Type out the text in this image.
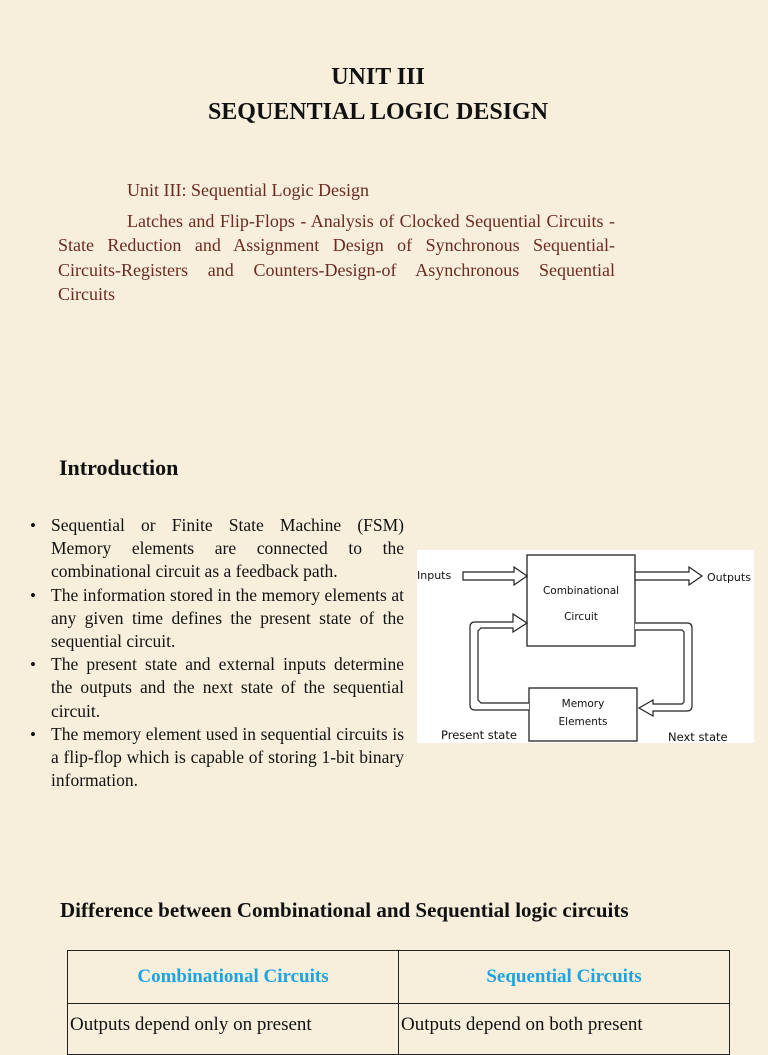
UNIT III
SEQUENTIAL LOGIC DESIGN

Unit III: Sequential Logic Design

Latches and Flip-Flops - Analysis of Clocked Sequential Circuits - State Reduction and Assignment Design of Synchronous Sequential-Circuits-Registers and Counters-Design-of Asynchronous Sequential Circuits

Introduction
• Sequential or Finite State Machine (FSM) Memory elements are connected to the combinational circuit as a feedback path.
• The information stored in the memory elements at any given time defines the present state of the sequential circuit.
• The present state and external inputs determine the outputs and the next state of the sequential circuit.
• The memory element used in sequential circuits is a flip-flop which is capable of storing 1-bit binary information.
Inputs	Outputs
Combinational
Circuit
Memory
Elements
Present state	Next state
Difference between Combinational and Sequential logic circuits
Combinational Circuits	Sequential Circuits
Outputs depend only on present	Outputs depend on both present
